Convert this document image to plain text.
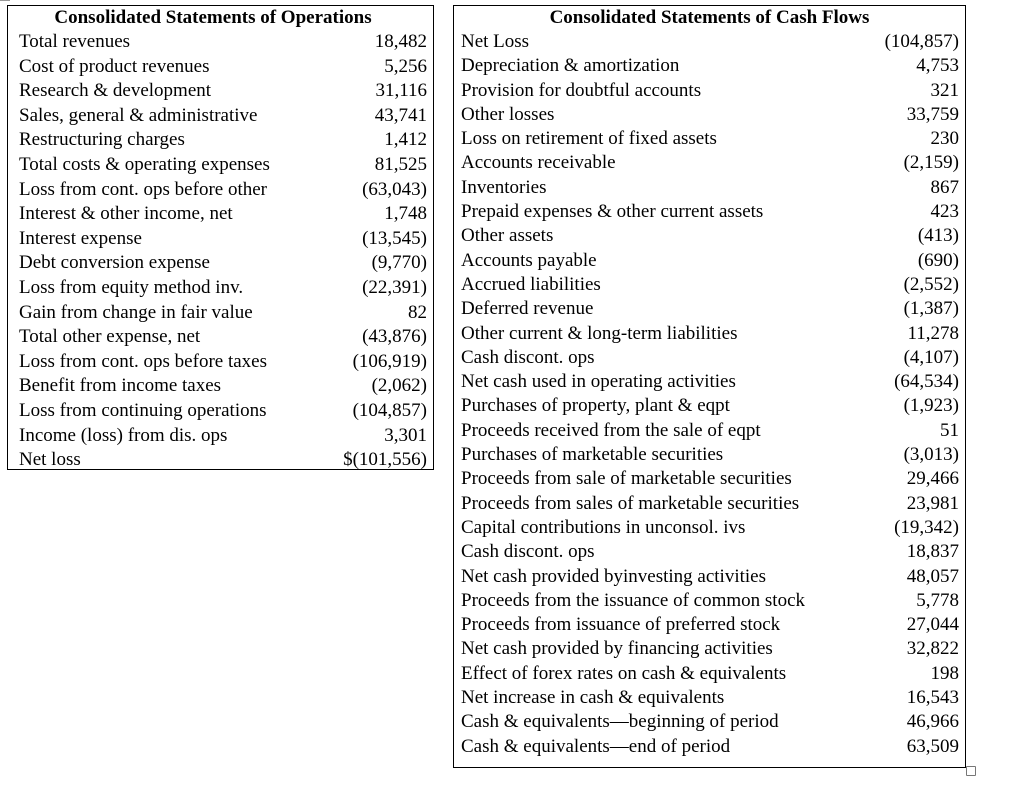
Consolidated Statements of Operations
Total revenues	18,482
Cost of product revenues	5,256
Research & development	31,116
Sales, general & administrative	43,741
Restructuring charges	1,412
Total costs & operating expenses	81,525
Loss from cont. ops before other	(63,043)
Interest & other income, net	1,748
Interest expense	(13,545)
Debt conversion expense	(9,770)
Loss from equity method inv.	(22,391)
Gain from change in fair value	82
Total other expense, net	(43,876)
Loss from cont. ops before taxes	(106,919)
Benefit from income taxes	(2,062)
Loss from continuing operations	(104,857)
Income (loss) from dis. ops	3,301
Net loss	$(101,556)
Consolidated Statements of Cash Flows
Net Loss	(104,857)
Depreciation & amortization	4,753
Provision for doubtful accounts	321
Other losses	33,759
Loss on retirement of fixed assets	230
Accounts receivable	(2,159)
Inventories	867
Prepaid expenses & other current assets	423
Other assets	(413)
Accounts payable	(690)
Accrued liabilities	(2,552)
Deferred revenue	(1,387)
Other current & long-term liabilities	11,278
Cash discont. ops	(4,107)
Net cash used in operating activities	(64,534)
Purchases of property, plant & eqpt	(1,923)
Proceeds received from the sale of eqpt	51
Purchases of marketable securities	(3,013)
Proceeds from sale of marketable securities	29,466
Proceeds from sales of marketable securities	23,981
Capital contributions in unconsol. ivs	(19,342)
Cash discont. ops	18,837
Net cash provided byinvesting activities	48,057
Proceeds from the issuance of common stock	5,778
Proceeds from issuance of preferred stock	27,044
Net cash provided by financing activities	32,822
Effect of forex rates on cash & equivalents	198
Net increase in cash & equivalents	16,543
Cash & equivalents—beginning of period	46,966
Cash & equivalents—end of period	63,509
